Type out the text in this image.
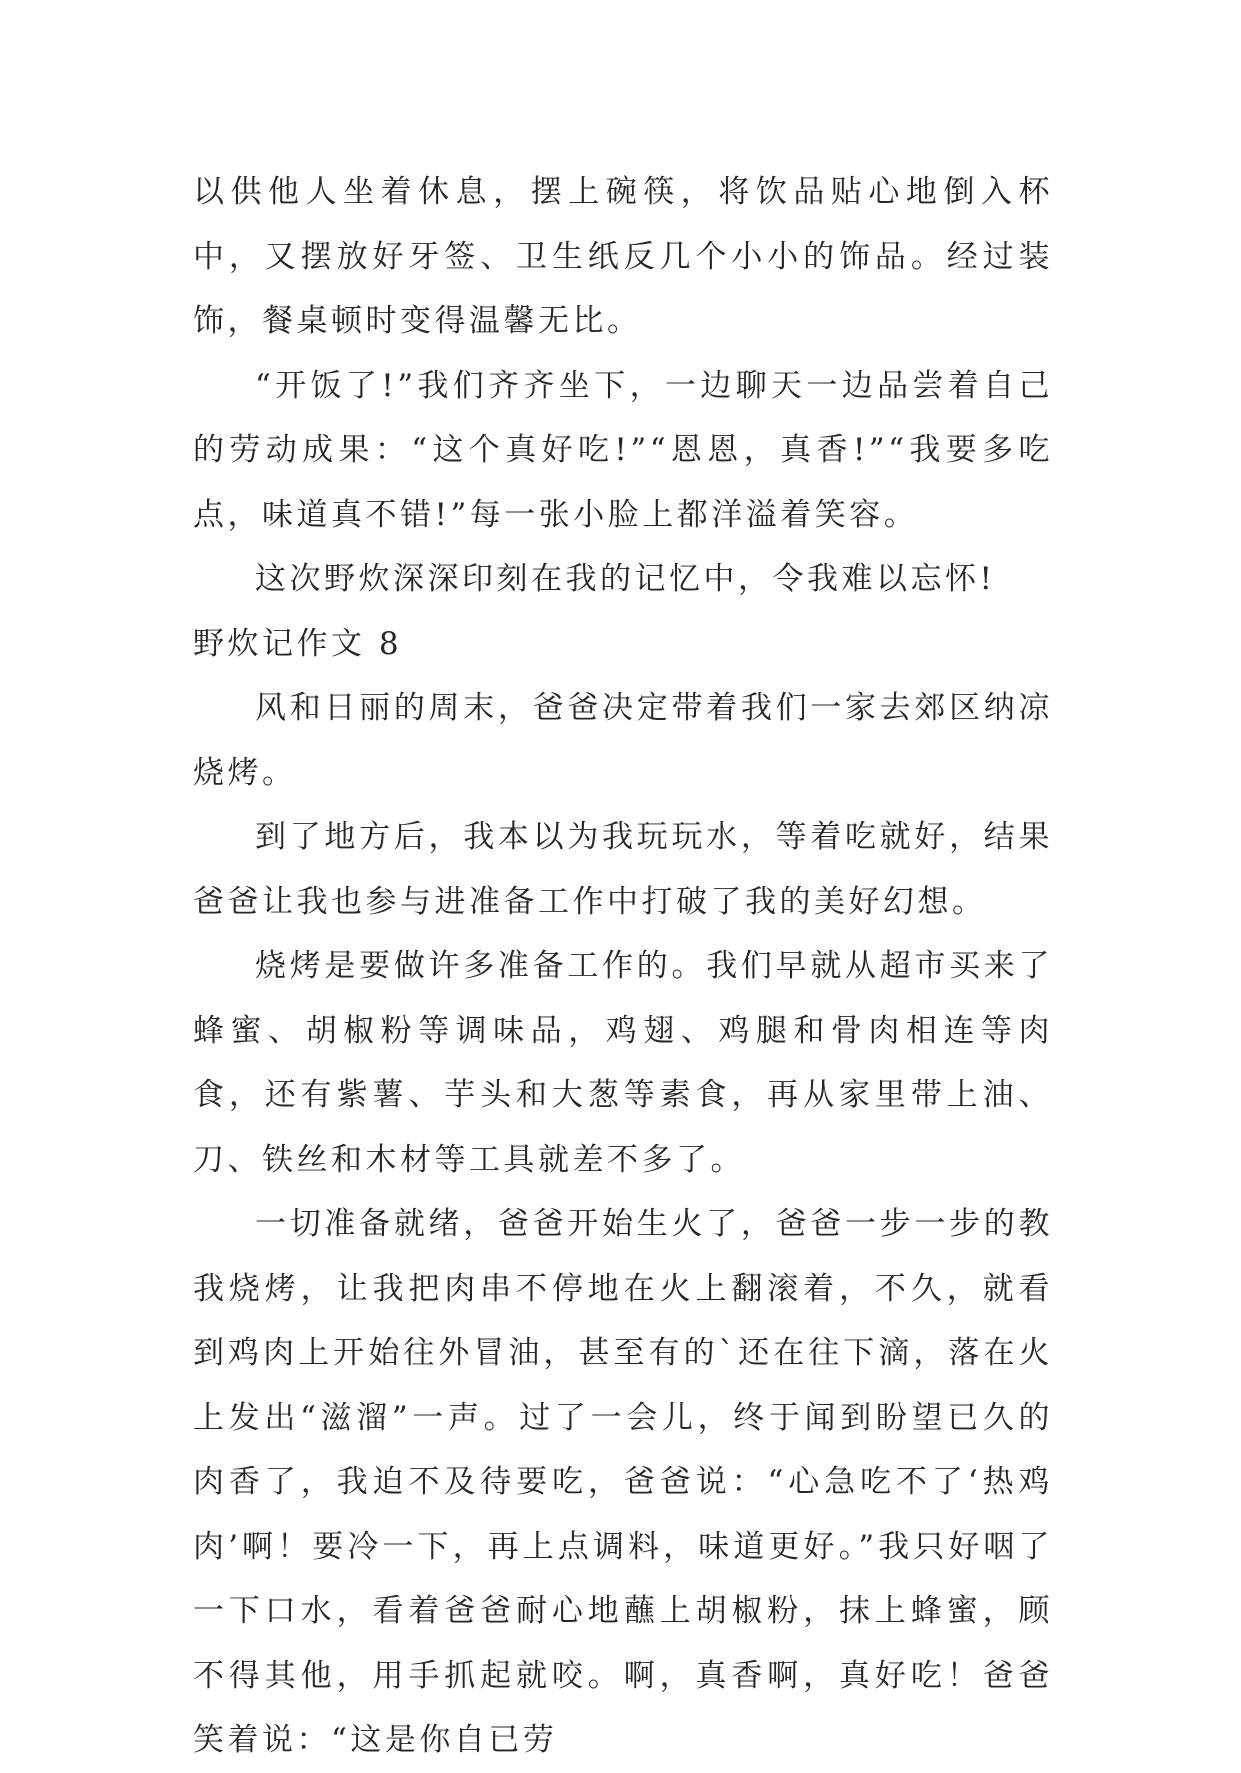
以供他人坐着休息，摆上碗筷，将饮品贴心地倒入杯中，又摆放好牙签、卫生纸反几个小小的饰品。经过装饰，餐桌顿时变得温馨无比。

“开饭了!”我们齐齐坐下，一边聊天一边品尝着自己的劳动成果：“这个真好吃!”“恩恩，真香!”“我要多吃点，味道真不错!”每一张小脸上都洋溢着笑容。

这次野炊深深印刻在我的记忆中，令我难以忘怀!

野炊记作文 8

风和日丽的周末，爸爸决定带着我们一家去郊区纳凉烧烤。

到了地方后，我本以为我玩玩水，等着吃就好，结果爸爸让我也参与进准备工作中打破了我的美好幻想。

烧烤是要做许多准备工作的。我们早就从超市买来了蜂蜜、胡椒粉等调味品，鸡翅、鸡腿和骨肉相连等肉食，还有紫薯、芋头和大葱等素食，再从家里带上油、刀、铁丝和木材等工具就差不多了。

一切准备就绪，爸爸开始生火了，爸爸一步一步的教我烧烤，让我把肉串不停地在火上翻滚着，不久，就看到鸡肉上开始往外冒油，甚至有的`还在往下滴，落在火上发出“滋溜”一声。过了一会儿，终于闻到盼望已久的肉香了，我迫不及待要吃，爸爸说：“心急吃不了‘热鸡肉’啊！要冷一下，再上点调料，味道更好。”我只好咽了一下口水，看着爸爸耐心地蘸上胡椒粉，抹上蜂蜜，顾不得其他，用手抓起就咬。啊，真香啊，真好吃！爸爸笑着说：“这是你自已劳
